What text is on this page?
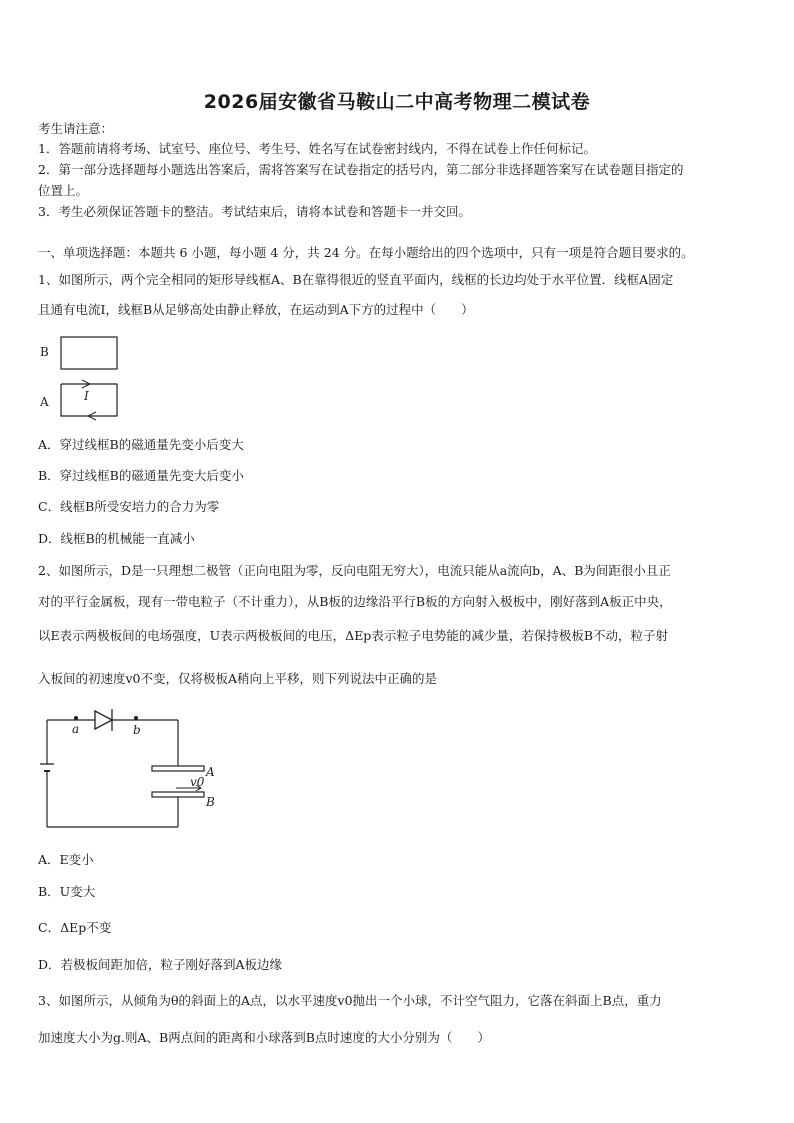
2026届安徽省马鞍山二中高考物理二模试卷
考生请注意：
1．答题前请将考场、试室号、座位号、考生号、姓名写在试卷密封线内，不得在试卷上作任何标记。
2．第一部分选择题每小题选出答案后，需将答案写在试卷指定的括号内，第二部分非选择题答案写在试卷题目指定的
位置上。
3．考生必须保证答题卡的整洁。考试结束后，请将本试卷和答题卡一并交回。
一、单项选择题：本题共 6 小题，每小题 4 分，共 24 分。在每小题给出的四个选项中，只有一项是符合题目要求的。
1、如图所示，两个完全相同的矩形导线框A、B在靠得很近的竖直平面内，线框的长边均处于水平位置．线框A固定
且通有电流I，线框B从足够高处由静止释放，在运动到A下方的过程中（　　）
B
A	I
A．穿过线框B的磁通量先变小后变大
B．穿过线框B的磁通量先变大后变小
C．线框B所受安培力的合力为零
D．线框B的机械能一直减小
2、如图所示，D是一只理想二极管（正向电阻为零，反向电阻无穷大），电流只能从a流向b，A、B为间距很小且正
对的平行金属板，现有一带电粒子（不计重力），从B板的边缘沿平行B板的方向射入极板中，刚好落到A板正中央，
以E表示两极板间的电场强度，U表示两极板间的电压，ΔEp表示粒子电势能的减少量，若保持极板B不动，粒子射
入板间的初速度v0不变，仅将极板A稍向上平移，则下列说法中正确的是
a	b
A
B
v0
A．E变小
B．U变大
C．ΔEp不变
D．若极板间距加倍，粒子刚好落到A板边缘
3、如图所示，从倾角为θ的斜面上的A点，以水平速度v0抛出一个小球，不计空气阻力，它落在斜面上B点，重力
加速度大小为g.则A、B两点间的距离和小球落到B点时速度的大小分别为（　　）
